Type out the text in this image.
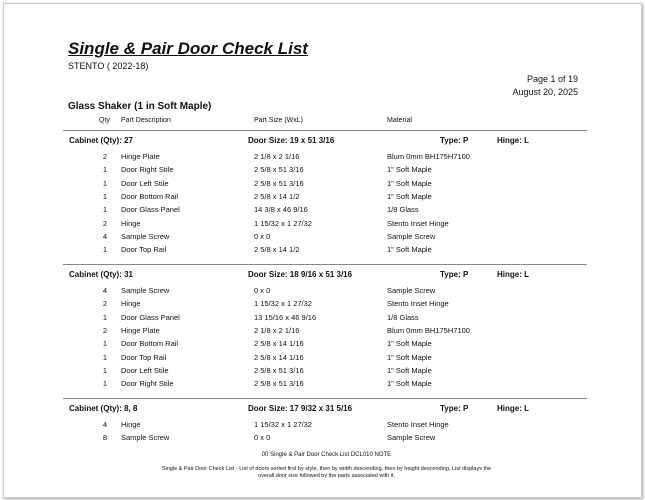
Single & Pair Door Check List
STENTO ( 2022-18)
Page 1 of 19
August 20, 2025
Glass Shaker (1 in Soft Maple)
Qty Part Description	Part Size (WxL)	Material
Cabinet (Qty): 27	Door Size: 19 x 51 3/16	Type: P	Hinge: L
2 Hinge Plate	2 1/8 x 2 1/16	Blum 0mm BH175H7100
1 Door Right Stile	2 5/8 x 51 3/16	1" Soft Maple
1 Door Left Stile	2 5/8 x 51 3/16	1" Soft Maple
1 Door Bottom Rail	2 5/8 x 14 1/2	1" Soft Maple
1 Door Glass Panel	14 3/8 x 46 9/16	1/8 Glass
2 Hinge	1 15/32 x 1 27/32	Stento Inset Hinge
4 Sample Screw	0 x 0	Sample Screw
1 Door Top Rail	2 5/8 x 14 1/2	1" Soft Maple
Cabinet (Qty): 31	Door Size: 18 9/16 x 51 3/16	Type: P	Hinge: L
4 Sample Screw	0 x 0	Sample Screw
2 Hinge	1 15/32 x 1 27/32	Stento Inset Hinge
1 Door Glass Panel	13 15/16 x 46 9/16	1/8 Glass
2 Hinge Plate	2 1/8 x 2 1/16	Blum 0mm BH175H7100
1 Door Bottom Rail	2 5/8 x 14 1/16	1" Soft Maple
1 Door Top Rail	2 5/8 x 14 1/16	1" Soft Maple
1 Door Left Stile	2 5/8 x 51 3/16	1" Soft Maple
1 Door Right Stile	2 5/8 x 51 3/16	1" Soft Maple
Cabinet (Qty): 8, 8	Door Size: 17 9/32 x 31 5/16	Type: P	Hinge: L
4 Hinge	1 15/32 x 1 27/32	Stento Inset Hinge
8 Sample Screw	0 x 0	Sample Screw
00 Single & Pair Door Check List DCL010 NOTE
Single & Pair Door Check List - List of doors sorted first by style, then by width descending, then by height descending. List displays the overall door size followed by the parts associated with it.
